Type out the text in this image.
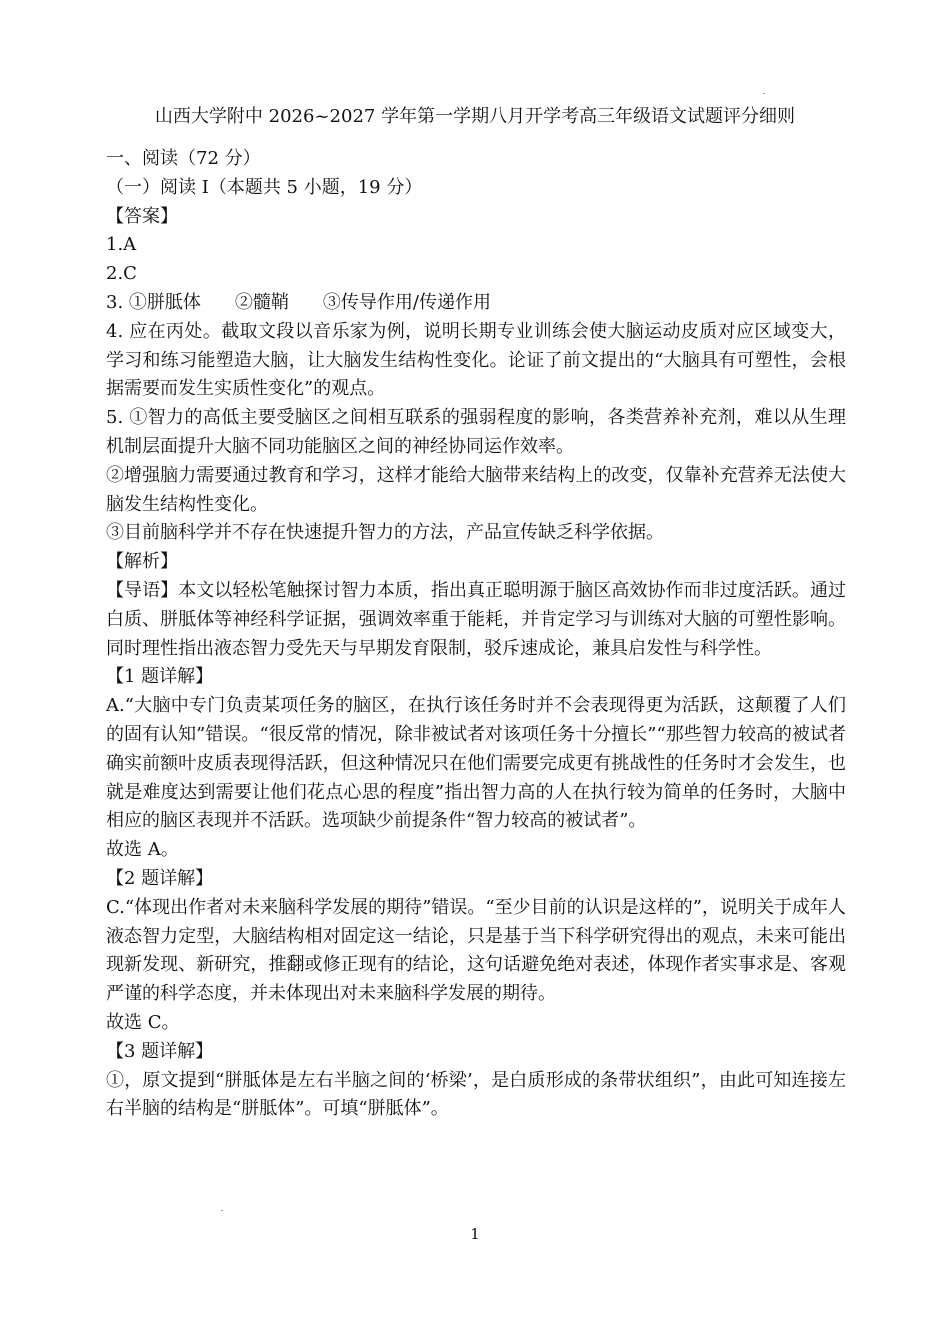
山西大学附中 2026~2027 学年第一学期八月开学考高三年级语文试题评分细则

一、阅读（72 分）

（一）阅读 I（本题共 5 小题，19 分）

【答案】

1.A

2.C

3. ①胼胝体 ②髓鞘 ③传导作用/传递作用

4. 应在丙处。截取文段以音乐家为例，说明长期专业训练会使大脑运动皮质对应区域变大，学习和练习能塑造大脑，让大脑发生结构性变化。论证了前文提出的“大脑具有可塑性，会根据需要而发生实质性变化”的观点。

5. ①智力的高低主要受脑区之间相互联系的强弱程度的影响，各类营养补充剂，难以从生理机制层面提升大脑不同功能脑区之间的神经协同运作效率。

②增强脑力需要通过教育和学习，这样才能给大脑带来结构上的改变，仅靠补充营养无法使大脑发生结构性变化。

③目前脑科学并不存在快速提升智力的方法，产品宣传缺乏科学依据。

【解析】

【导语】本文以轻松笔触探讨智力本质，指出真正聪明源于脑区高效协作而非过度活跃。通过白质、胼胝体等神经科学证据，强调效率重于能耗，并肯定学习与训练对大脑的可塑性影响。同时理性指出液态智力受先天与早期发育限制，驳斥速成论，兼具启发性与科学性。

【1 题详解】

A.“大脑中专门负责某项任务的脑区，在执行该任务时并不会表现得更为活跃，这颠覆了人们的固有认知”错误。“很反常的情况，除非被试者对该项任务十分擅长”“那些智力较高的被试者确实前额叶皮质表现得活跃，但这种情况只在他们需要完成更有挑战性的任务时才会发生，也就是难度达到需要让他们花点心思的程度”指出智力高的人在执行较为简单的任务时，大脑中相应的脑区表现并不活跃。选项缺少前提条件“智力较高的被试者”。

故选 A。

【2 题详解】

C.“体现出作者对未来脑科学发展的期待”错误。“至少目前的认识是这样的”，说明关于成年人液态智力定型，大脑结构相对固定这一结论，只是基于当下科学研究得出的观点，未来可能出现新发现、新研究，推翻或修正现有的结论，这句话避免绝对表述，体现作者实事求是、客观严谨的科学态度，并未体现出对未来脑科学发展的期待。

故选 C。

【3 题详解】

①，原文提到“胼胝体是左右半脑之间的‘桥梁’，是白质形成的条带状组织”，由此可知连接左右半脑的结构是“胼胝体”。可填“胼胝体”。

1
